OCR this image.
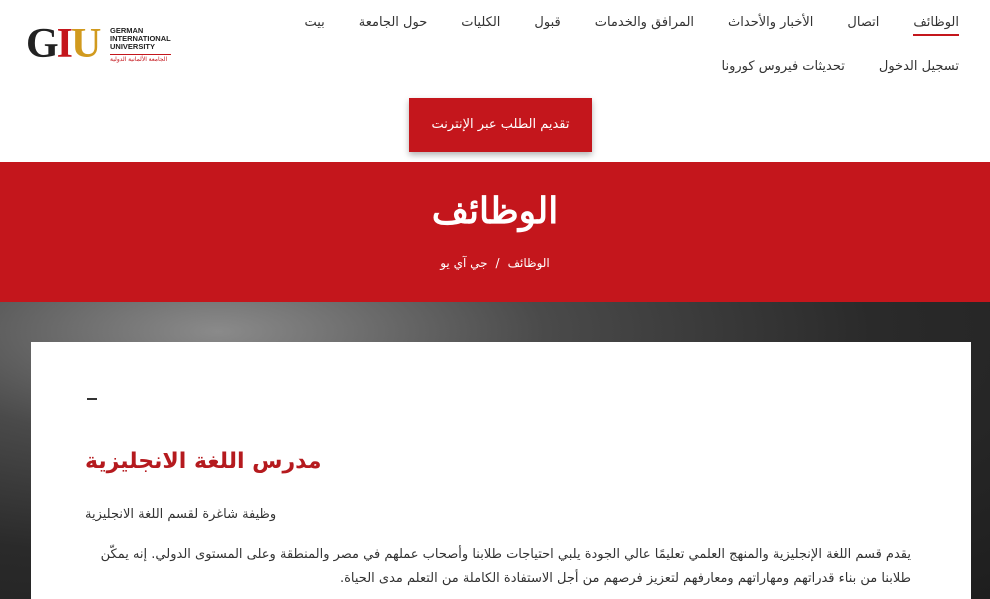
GIU GERMAN
INTERNATIONAL
UNIVERSITY
الجامعة الألمانية الدولية
الوظائف
اتصال
الأخبار والأحداث
المرافق والخدمات
قبول
الكليات
حول الجامعة
بيت
تسجيل الدخول
تحديثات فيروس كورونا
تقديم الطلب عبر الإنترنت
الوظائف
الوظائف/جي آي يو
مدرس اللغة الانجليزية
وظيفة شاغرة لقسم اللغة الانجليزية
يقدم قسم اللغة الإنجليزية والمنهج العلمي تعليمًا عالي الجودة يلبي احتياجات طلابنا وأصحاب عملهم في مصر والمنطقة وعلى المستوى الدولي. إنه يمكّن طلابنا من بناء قدراتهم ومهاراتهم ومعارفهم لتعزيز فرصهم من أجل الاستفادة الكاملة من التعلم مدى الحياة.
